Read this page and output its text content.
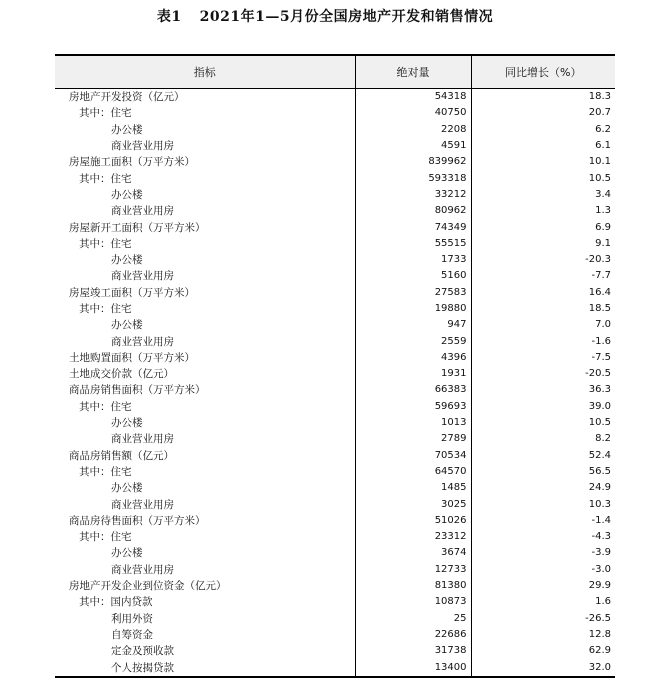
表1 2021年1—5月份全国房地产开发和销售情况
指标	绝对量	同比增长（%）
房地产开发投资（亿元）	54318	18.3
其中：住宅	40750	20.7
办公楼	2208	6.2
商业营业用房	4591	6.1
房屋施工面积（万平方米）	839962	10.1
其中：住宅	593318	10.5
办公楼	33212	3.4
商业营业用房	80962	1.3
房屋新开工面积（万平方米）	74349	6.9
其中：住宅	55515	9.1
办公楼	1733	-20.3
商业营业用房	5160	-7.7
房屋竣工面积（万平方米）	27583	16.4
其中：住宅	19880	18.5
办公楼	947	7.0
商业营业用房	2559	-1.6
土地购置面积（万平方米）	4396	-7.5
土地成交价款（亿元）	1931	-20.5
商品房销售面积（万平方米）	66383	36.3
其中：住宅	59693	39.0
办公楼	1013	10.5
商业营业用房	2789	8.2
商品房销售额（亿元）	70534	52.4
其中：住宅	64570	56.5
办公楼	1485	24.9
商业营业用房	3025	10.3
商品房待售面积（万平方米）	51026	-1.4
其中：住宅	23312	-4.3
办公楼	3674	-3.9
商业营业用房	12733	-3.0
房地产开发企业到位资金（亿元）	81380	29.9
其中：国内贷款	10873	1.6
利用外资	25	-26.5
自筹资金	22686	12.8
定金及预收款	31738	62.9
个人按揭贷款	13400	32.0
